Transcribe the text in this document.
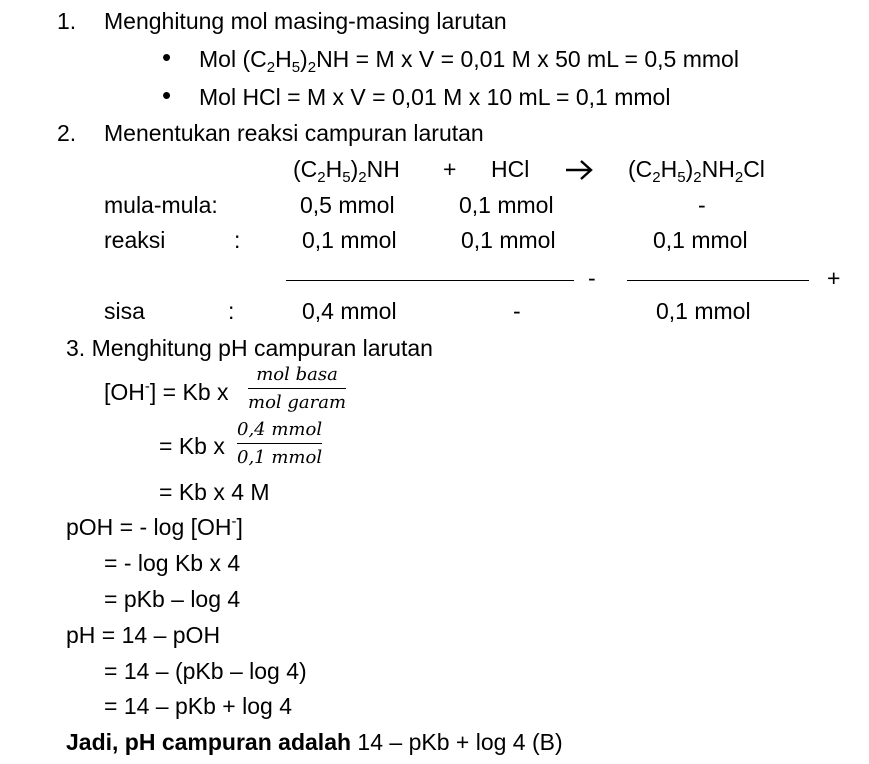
1. Menghitung mol masing-masing larutan
• Mol $(C_2H_5)_2NH = M$ x V = 0,01 M x 50 mL = 0,5 mmol
• Mol HCl = M x V = 0,01 M x 10 mL = 0,1 mmol
2. Menentukan reaksi campuran larutan
$(C_2H_5)_2NH$ + HCl → $(C_2H_5)_2NH_2Cl$
mula-mula:	0,5 mmol	0,1 mmol	-
reaksi	:	0,1 mmol	0,1 mmol	0,1 mmol
-	+
sisa	:	0,4 mmol	-	0,1 mmol
3. Menghitung pH campuran larutan
[OH-] = Kb x
mol basa
mol garam
= Kb x
0,4 mmol
0,1 mmol
= Kb x 4 M
pOH = - log [OH-]
= - log Kb x 4
= pKb – log 4
pH = 14 – pOH
= 14 – (pKb – log 4)
= 14 – pKb + log 4
Jadi, pH campuran adalah 14 – pKb + log 4 (B)
